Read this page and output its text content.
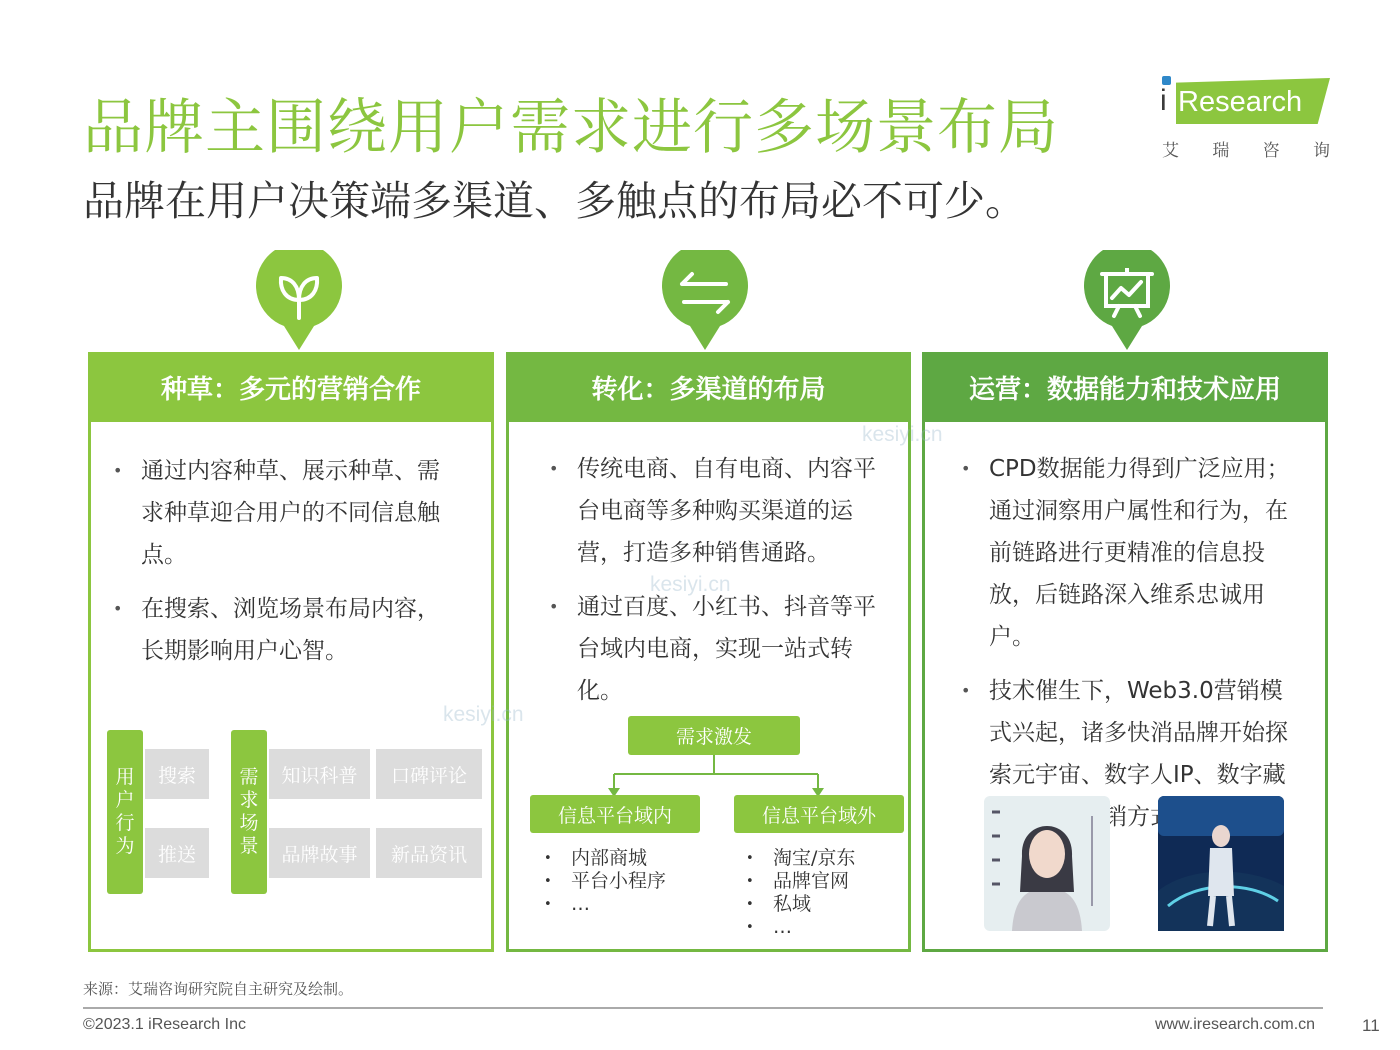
品牌主围绕用户需求进行多场景布局
品牌在用户决策端多渠道、多触点的布局必不可少。
i Research
艾 瑞 咨 询
种草：多元的营销合作
• 通过内容种草、展示种草、需求种草迎合用户的不同信息触点。
• 在搜索、浏览场景布局内容，长期影响用户心智。
用
户
行
为
搜索
推送
需
求
场
景
知识科普	口碑评论
品牌故事	新品资讯
转化：多渠道的布局
• 传统电商、自有电商、内容平台电商等多种购买渠道的运营，打造多种销售通路。
• 通过百度、小红书、抖音等平台域内电商，实现一站式转化。
需求激发
信息平台域内	信息平台域外
• 内部商城
• 平台小程序
• …
• 淘宝/京东
• 品牌官网
• 私域
• …
运营：数据能力和技术应用
• CPD数据能力得到广泛应用；通过洞察用户属性和行为，在前链路进行更精准的信息投放，后链路深入维系忠诚用户。
• 技术催生下，Web3.0营销模式兴起，诸多快消品牌开始探索元宇宙、数字人IP、数字藏 新的营销方式。
kesiyi.cn
kesiyi.cn
kesiyi.cn
来源：艾瑞咨询研究院自主研究及绘制。
©2023.1 iResearch Inc	www.iresearch.com.cn	11
